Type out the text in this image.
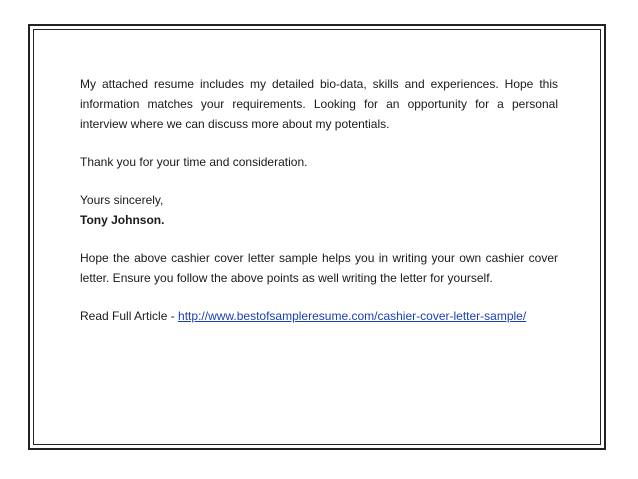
My attached resume includes my detailed bio-data, skills and experiences. Hope this information matches your requirements. Looking for an opportunity for a personal interview where we can discuss more about my potentials.

Thank you for your time and consideration.

Yours sincerely,

Tony Johnson.

Hope the above cashier cover letter sample helps you in writing your own cashier cover letter. Ensure you follow the above points as well writing the letter for yourself.

Read Full Article - http://www.bestofsampleresume.com/cashier-cover-letter-sample/
